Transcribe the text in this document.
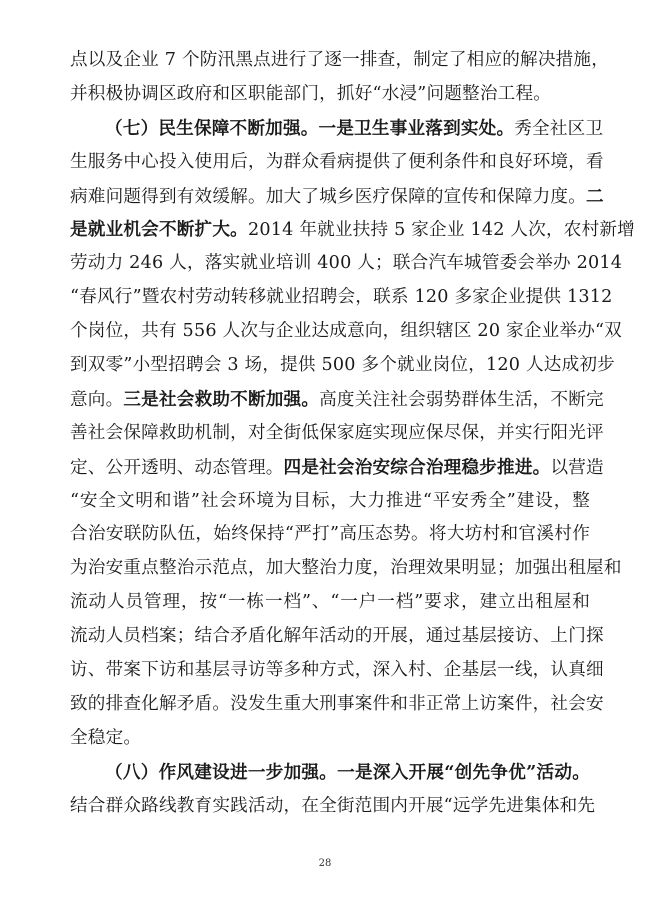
点以及企业 7 个防汛黑点进行了逐一排查，制定了相应的解决措施，
并积极协调区政府和区职能部门，抓好“水浸”问题整治工程。
（七）民生保障不断加强。一是卫生事业落到实处。秀全社区卫
生服务中心投入使用后，为群众看病提供了便利条件和良好环境，看
病难问题得到有效缓解。加大了城乡医疗保障的宣传和保障力度。二
是就业机会不断扩大。2014 年就业扶持 5 家企业 142 人次，农村新增
劳动力 246 人，落实就业培训 400 人；联合汽车城管委会举办 2014
“春风行”暨农村劳动转移就业招聘会，联系 120 多家企业提供 1312
个岗位，共有 556 人次与企业达成意向，组织辖区 20 家企业举办“双
到双零”小型招聘会 3 场，提供 500 多个就业岗位，120 人达成初步
意向。三是社会救助不断加强。高度关注社会弱势群体生活，不断完
善社会保障救助机制，对全街低保家庭实现应保尽保，并实行阳光评
定、公开透明、动态管理。四是社会治安综合治理稳步推进。以营造
“安全文明和谐”社会环境为目标，大力推进“平安秀全”建设，整
合治安联防队伍，始终保持“严打”高压态势。将大坊村和官溪村作
为治安重点整治示范点，加大整治力度，治理效果明显；加强出租屋和
流动人员管理，按“一栋一档”、“一户一档”要求，建立出租屋和
流动人员档案；结合矛盾化解年活动的开展，通过基层接访、上门探
访、带案下访和基层寻访等多种方式，深入村、企基层一线，认真细
致的排查化解矛盾。没发生重大刑事案件和非正常上访案件，社会安
全稳定。
（八）作风建设进一步加强。一是深入开展“创先争优”活动。
结合群众路线教育实践活动，在全街范围内开展“远学先进集体和先
28
